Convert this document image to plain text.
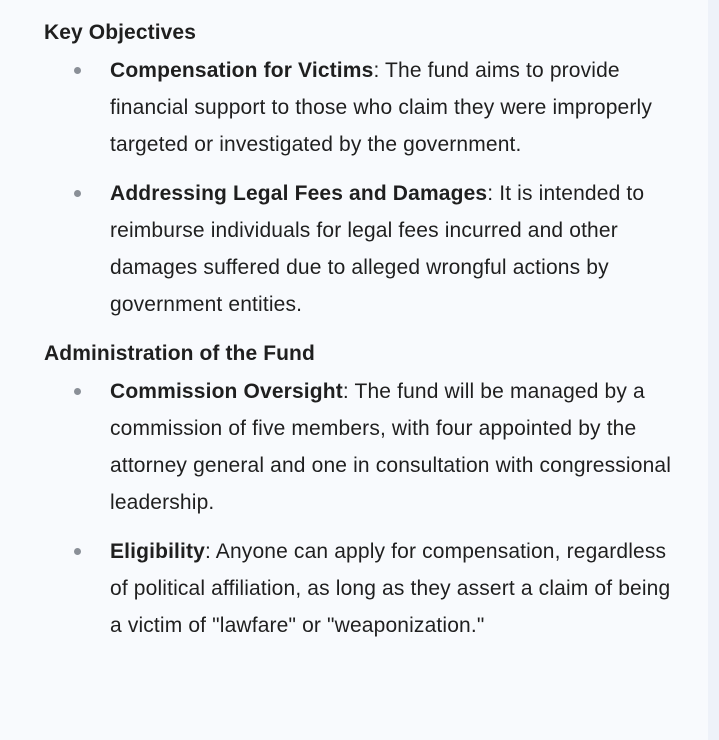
Key Objectives
Compensation for Victims: The fund aims to provide financial support to those who claim they were improperly targeted or investigated by the government.
Addressing Legal Fees and Damages: It is intended to reimburse individuals for legal fees incurred and other damages suffered due to alleged wrongful actions by government entities.
Administration of the Fund
Commission Oversight: The fund will be managed by a commission of five members, with four appointed by the attorney general and one in consultation with congressional leadership.
Eligibility: Anyone can apply for compensation, regardless of political affiliation, as long as they assert a claim of being a victim of "lawfare" or "weaponization."
